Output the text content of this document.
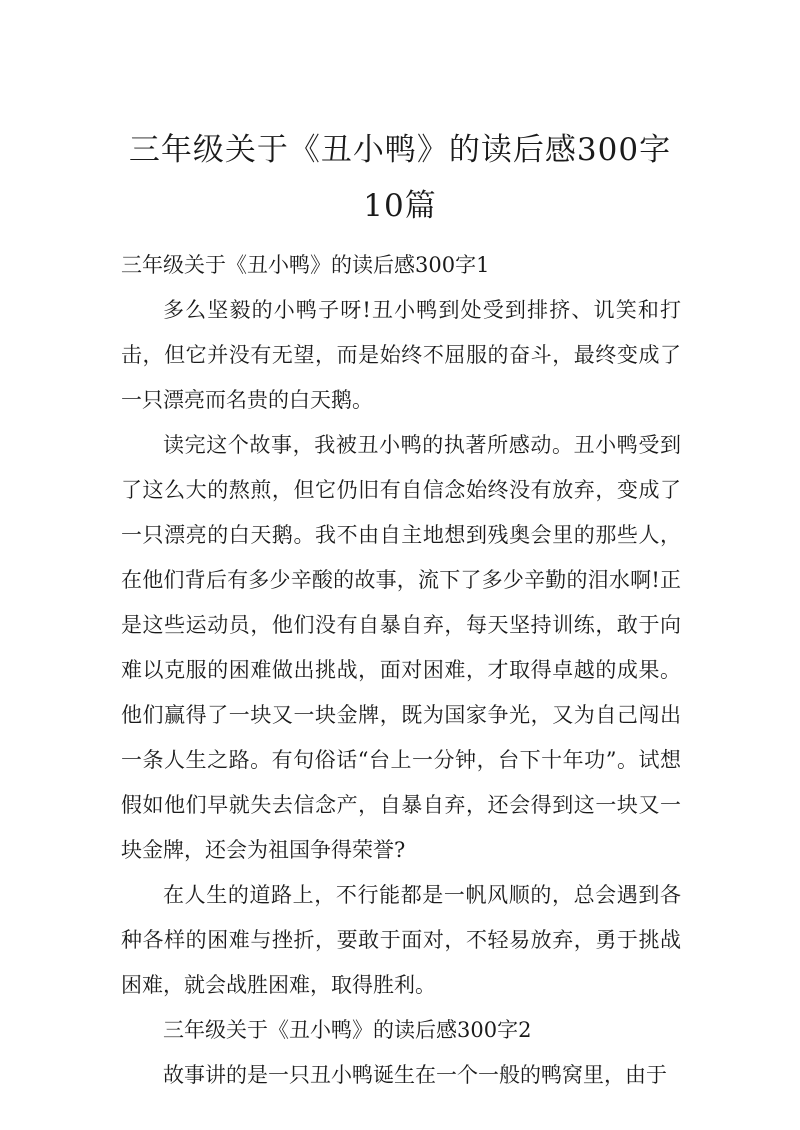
三年级关于《丑小鸭》的读后感300字10篇

三年级关于《丑小鸭》的读后感300字1

多么坚毅的小鸭子呀!丑小鸭到处受到排挤、讥笑和打击，但它并没有无望，而是始终不屈服的奋斗，最终变成了一只漂亮而名贵的白天鹅。

读完这个故事，我被丑小鸭的执著所感动。丑小鸭受到了这么大的熬煎，但它仍旧有自信念始终没有放弃，变成了一只漂亮的白天鹅。我不由自主地想到残奥会里的那些人，在他们背后有多少辛酸的故事，流下了多少辛勤的泪水啊!正是这些运动员，他们没有自暴自弃，每天坚持训练，敢于向难以克服的困难做出挑战，面对困难，才取得卓越的成果。他们赢得了一块又一块金牌，既为国家争光，又为自己闯出一条人生之路。有句俗话“台上一分钟，台下十年功”。试想假如他们早就失去信念产，自暴自弃，还会得到这一块又一块金牌，还会为祖国争得荣誉?

在人生的道路上，不行能都是一帆风顺的，总会遇到各种各样的困难与挫折，要敢于面对，不轻易放弃，勇于挑战困难，就会战胜困难，取得胜利。

三年级关于《丑小鸭》的读后感300字2

故事讲的是一只丑小鸭诞生在一个一般的鸭窝里，由于
